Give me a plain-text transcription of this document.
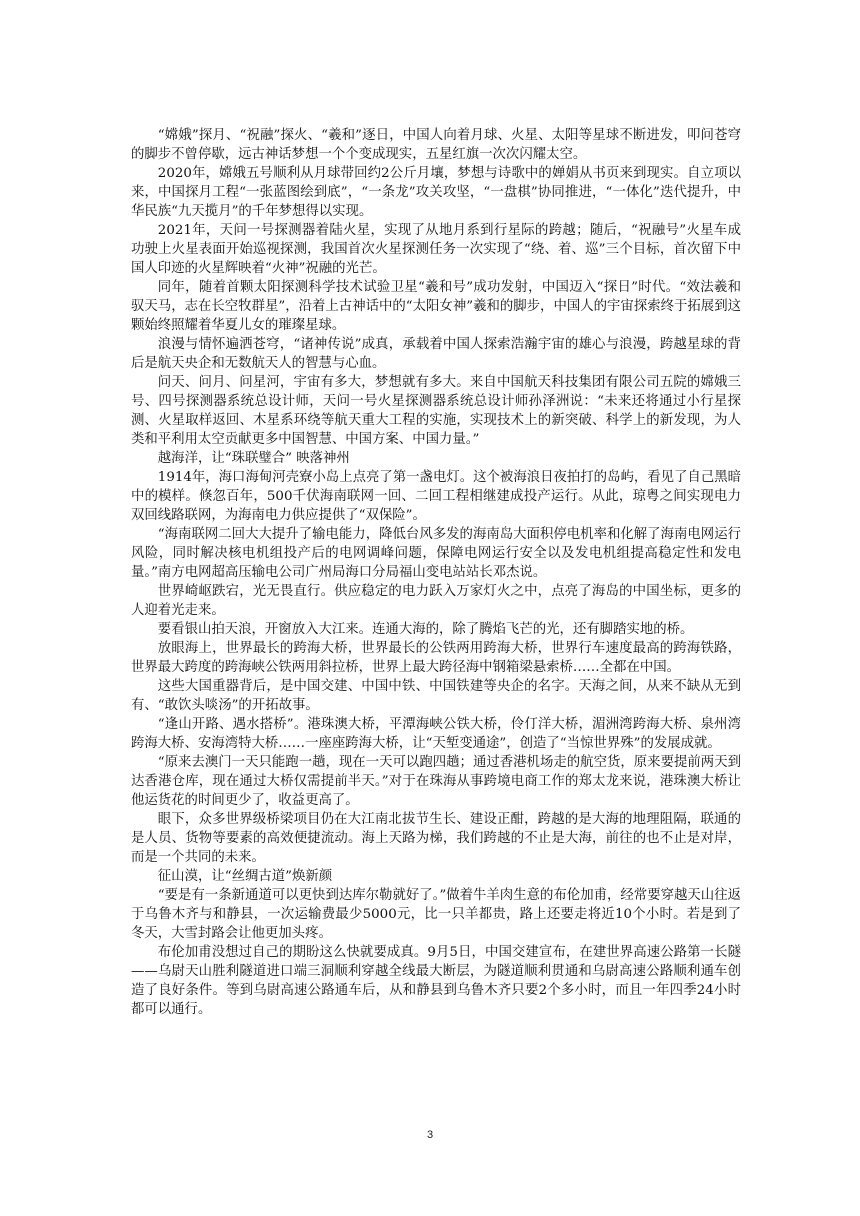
“嫦娥”探月、“祝融”探火、“羲和”逐日，中国人向着月球、火星、太阳等星球不断进发，叩问苍穹的脚步不曾停歇，远古神话梦想一个个变成现实，五星红旗一次次闪耀太空。

2020年，嫦娥五号顺利从月球带回约2公斤月壤，梦想与诗歌中的婵娟从书页来到现实。自立项以来，中国探月工程“一张蓝图绘到底”，“一条龙”攻关攻坚，“一盘棋”协同推进，“一体化”迭代提升，中华民族“九天揽月”的千年梦想得以实现。

2021年，天问一号探测器着陆火星，实现了从地月系到行星际的跨越；随后，“祝融号”火星车成功驶上火星表面开始巡视探测，我国首次火星探测任务一次实现了“绕、着、巡”三个目标，首次留下中国人印迹的火星辉映着“火神”祝融的光芒。

同年，随着首颗太阳探测科学技术试验卫星“羲和号”成功发射，中国迈入“探日”时代。“效法羲和驭天马，志在长空牧群星”，沿着上古神话中的“太阳女神”羲和的脚步，中国人的宇宙探索终于拓展到这颗始终照耀着华夏儿女的璀璨星球。

浪漫与情怀遍洒苍穹，“诸神传说”成真，承载着中国人探索浩瀚宇宙的雄心与浪漫，跨越星球的背后是航天央企和无数航天人的智慧与心血。

问天、问月、问星河，宇宙有多大，梦想就有多大。来自中国航天科技集团有限公司五院的嫦娥三号、四号探测器系统总设计师，天问一号火星探测器系统总设计师孙泽洲说：“未来还将通过小行星探测、火星取样返回、木星系环绕等航天重大工程的实施，实现技术上的新突破、科学上的新发现，为人类和平利用太空贡献更多中国智慧、中国方案、中国力量。”

越海洋，让“珠联璧合” 映落神州

1914年，海口海甸河壳寮小岛上点亮了第一盏电灯。这个被海浪日夜拍打的岛屿，看见了自己黑暗中的模样。倏忽百年，500千伏海南联网一回、二回工程相继建成投产运行。从此，琼粤之间实现电力双回线路联网，为海南电力供应提供了“双保险”。

“海南联网二回大大提升了输电能力，降低台风多发的海南岛大面积停电机率和化解了海南电网运行风险，同时解决核电机组投产后的电网调峰问题，保障电网运行安全以及发电机组提高稳定性和发电量。”南方电网超高压输电公司广州局海口分局福山变电站站长邓杰说。

世界崎岖跌宕，光无畏直行。供应稳定的电力跃入万家灯火之中，点亮了海岛的中国坐标，更多的人迎着光走来。

要看银山拍天浪，开窗放入大江来。连通大海的，除了腾焰飞芒的光，还有脚踏实地的桥。

放眼海上，世界最长的跨海大桥，世界最长的公铁两用跨海大桥，世界行车速度最高的跨海铁路，世界最大跨度的跨海峡公铁两用斜拉桥，世界上最大跨径海中钢箱梁悬索桥……全都在中国。

这些大国重器背后，是中国交建、中国中铁、中国铁建等央企的名字。天海之间，从来不缺从无到有、“敢饮头啖汤”的开拓故事。

“逢山开路、遇水搭桥”。港珠澳大桥，平潭海峡公铁大桥，伶仃洋大桥，湄洲湾跨海大桥、泉州湾跨海大桥、安海湾特大桥……一座座跨海大桥，让“天堑变通途”，创造了“当惊世界殊”的发展成就。

“原来去澳门一天只能跑一趟，现在一天可以跑四趟；通过香港机场走的航空货，原来要提前两天到达香港仓库，现在通过大桥仅需提前半天。”对于在珠海从事跨境电商工作的郑太龙来说，港珠澳大桥让他运货花的时间更少了，收益更高了。

眼下，众多世界级桥梁项目仍在大江南北拔节生长、建设正酣，跨越的是大海的地理阻隔，联通的是人员、货物等要素的高效便捷流动。海上天路为梯，我们跨越的不止是大海，前往的也不止是对岸，而是一个共同的未来。

征山漠，让“丝绸古道”焕新颜

“要是有一条新通道可以更快到达库尔勒就好了。”做着牛羊肉生意的布伦加甫，经常要穿越天山往返于乌鲁木齐与和静县，一次运输费最少5000元，比一只羊都贵，路上还要走将近10个小时。若是到了冬天，大雪封路会让他更加头疼。

布伦加甫没想过自己的期盼这么快就要成真。9月5日，中国交建宣布，在建世界高速公路第一长隧——乌尉天山胜利隧道进口端三洞顺利穿越全线最大断层，为隧道顺利贯通和乌尉高速公路顺利通车创造了良好条件。等到乌尉高速公路通车后，从和静县到乌鲁木齐只要2个多小时，而且一年四季24小时都可以通行。

3
